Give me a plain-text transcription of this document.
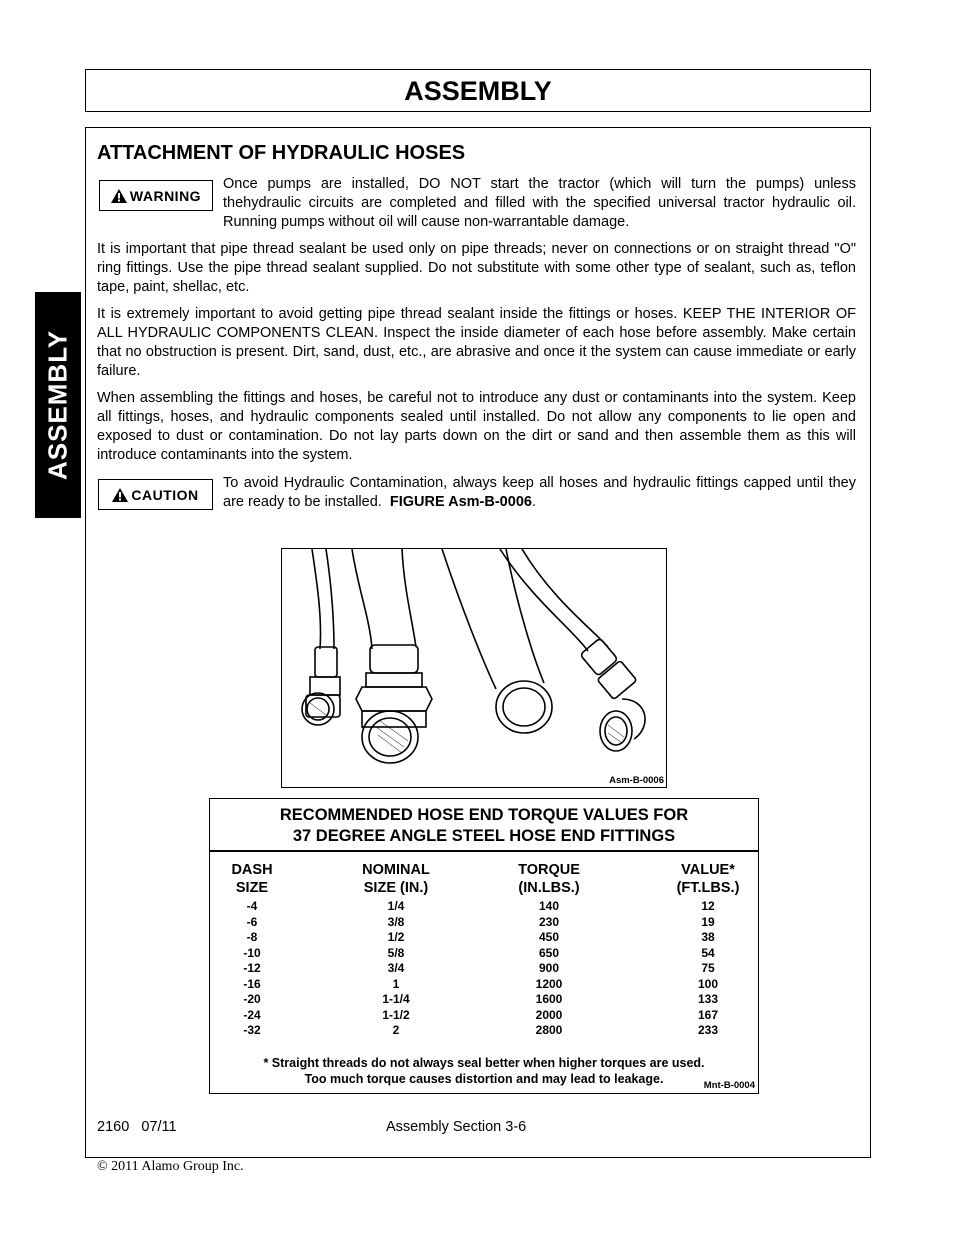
ASSEMBLY
ASSEMBLY
ATTACHMENT OF HYDRAULIC HOSES
WARNING
Once pumps are installed, DO NOT start the tractor (which will turn the pumps) unless thehydraulic circuits are completed and filled with the specified universal tractor hydraulic oil. Running pumps without oil will cause non-warrantable damage.
It is important that pipe thread sealant be used only on pipe threads; never on connections or on straight thread "O" ring fittings. Use the pipe thread sealant supplied. Do not substitute with some other type of sealant, such as, teflon tape, paint, shellac, etc.
It is extremely important to avoid getting pipe thread sealant inside the fittings or hoses. KEEP THE INTERIOR OF ALL HYDRAULIC COMPONENTS CLEAN. Inspect the inside diameter of each hose before assembly. Make certain that no obstruction is present. Dirt, sand, dust, etc., are abrasive and once it the system can cause immediate or early failure.
When assembling the fittings and hoses, be careful not to introduce any dust or contaminants into the system. Keep all fittings, hoses, and hydraulic components sealed until installed. Do not allow any components to lie open and exposed to dust or contamination. Do not lay parts down on the dirt or sand and then assemble them as this will introduce contaminants into the system.
CAUTION
To avoid Hydraulic Contamination, always keep all hoses and hydraulic fittings capped until they are ready to be installed. FIGURE Asm-B-0006.
Asm-B-0006
RECOMMENDED HOSE END TORQUE VALUES FOR
37 DEGREE ANGLE STEEL HOSE END FITTINGS
DASH
SIZE
-4
-6
-8
-10
-12
-16
-20
-24
-32
NOMINAL
SIZE (IN.)
1/4
3/8
1/2
5/8
3/4
1
1-1/4
1-1/2
2
TORQUE
(IN.LBS.)
140
230
450
650
900
1200
1600
2000
2800
VALUE*
(FT.LBS.)
12
19
38
54
75
100
133
167
233
* Straight threads do not always seal better when higher torques are used.
Too much torque causes distortion and may lead to leakage.	Mnt-B-0004
2160   07/11	Assembly Section 3-6
© 2011 Alamo Group Inc.
